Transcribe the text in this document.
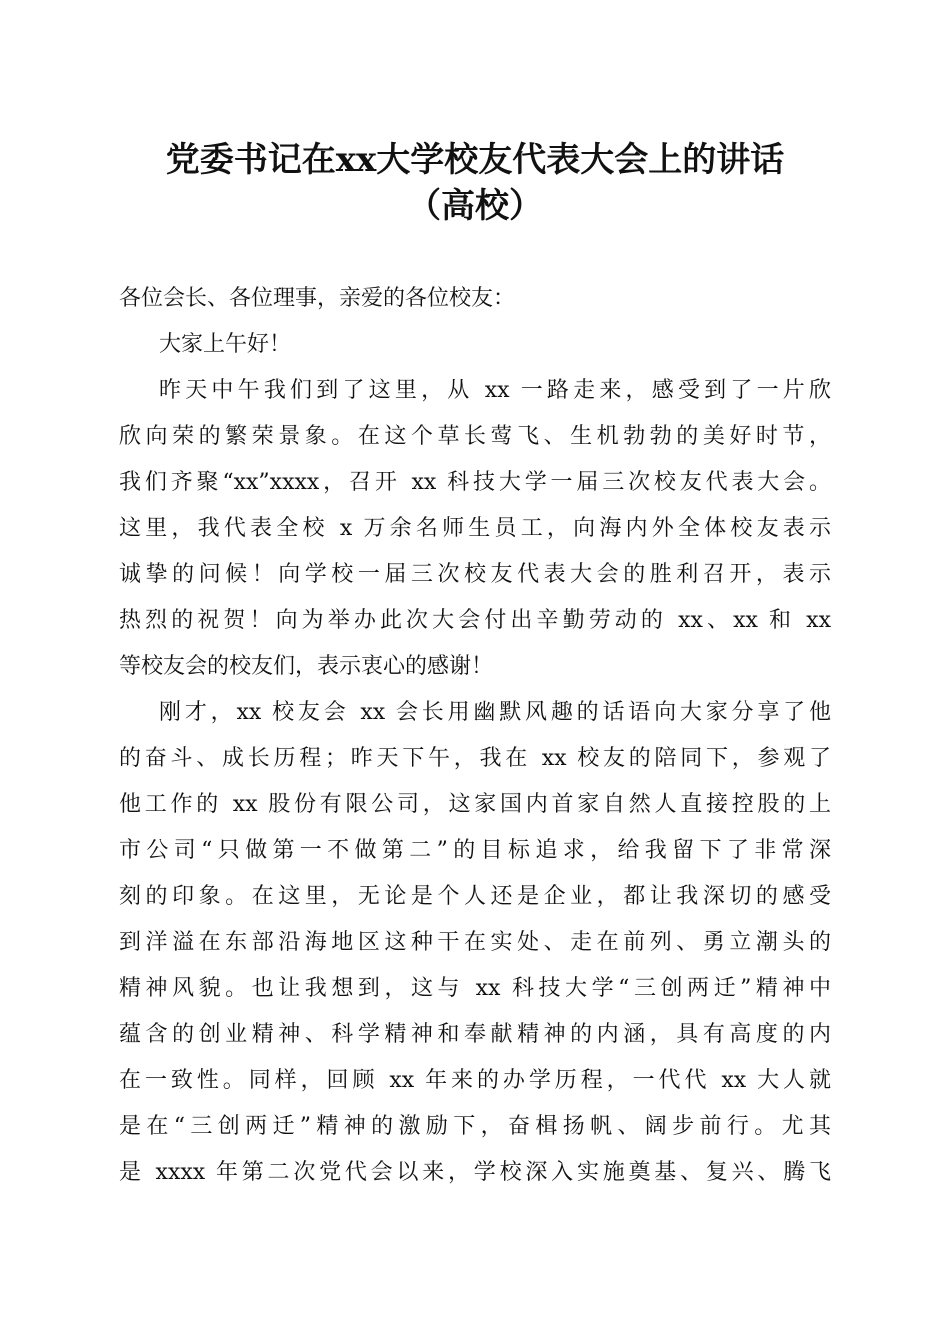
党委书记在xx大学校友代表大会上的讲话
（高校）
各位会长、各位理事，亲爱的各位校友：
大家上午好！
昨天中午我们到了这里，从 xx 一路走来，感受到了一片欣
欣向荣的繁荣景象。在这个草长莺飞、生机勃勃的美好时节，
我们齐聚“xx”xxxx，召开 xx 科技大学一届三次校友代表大会。
这里，我代表全校 x 万余名师生员工，向海内外全体校友表示
诚挚的问候！向学校一届三次校友代表大会的胜利召开，表示
热烈的祝贺！向为举办此次大会付出辛勤劳动的 xx、xx 和 xx
等校友会的校友们，表示衷心的感谢！
刚才，xx 校友会 xx 会长用幽默风趣的话语向大家分享了他
的奋斗、成长历程；昨天下午，我在 xx 校友的陪同下，参观了
他工作的 xx 股份有限公司，这家国内首家自然人直接控股的上
市公司“只做第一不做第二”的目标追求，给我留下了非常深
刻的印象。在这里，无论是个人还是企业，都让我深切的感受
到洋溢在东部沿海地区这种干在实处、走在前列、勇立潮头的
精神风貌。也让我想到，这与 xx 科技大学“三创两迁”精神中
蕴含的创业精神、科学精神和奉献精神的内涵，具有高度的内
在一致性。同样，回顾 xx 年来的办学历程，一代代 xx 大人就
是在“三创两迁”精神的激励下，奋楫扬帆、阔步前行。尤其
是 xxxx 年第二次党代会以来，学校深入实施奠基、复兴、腾飞
